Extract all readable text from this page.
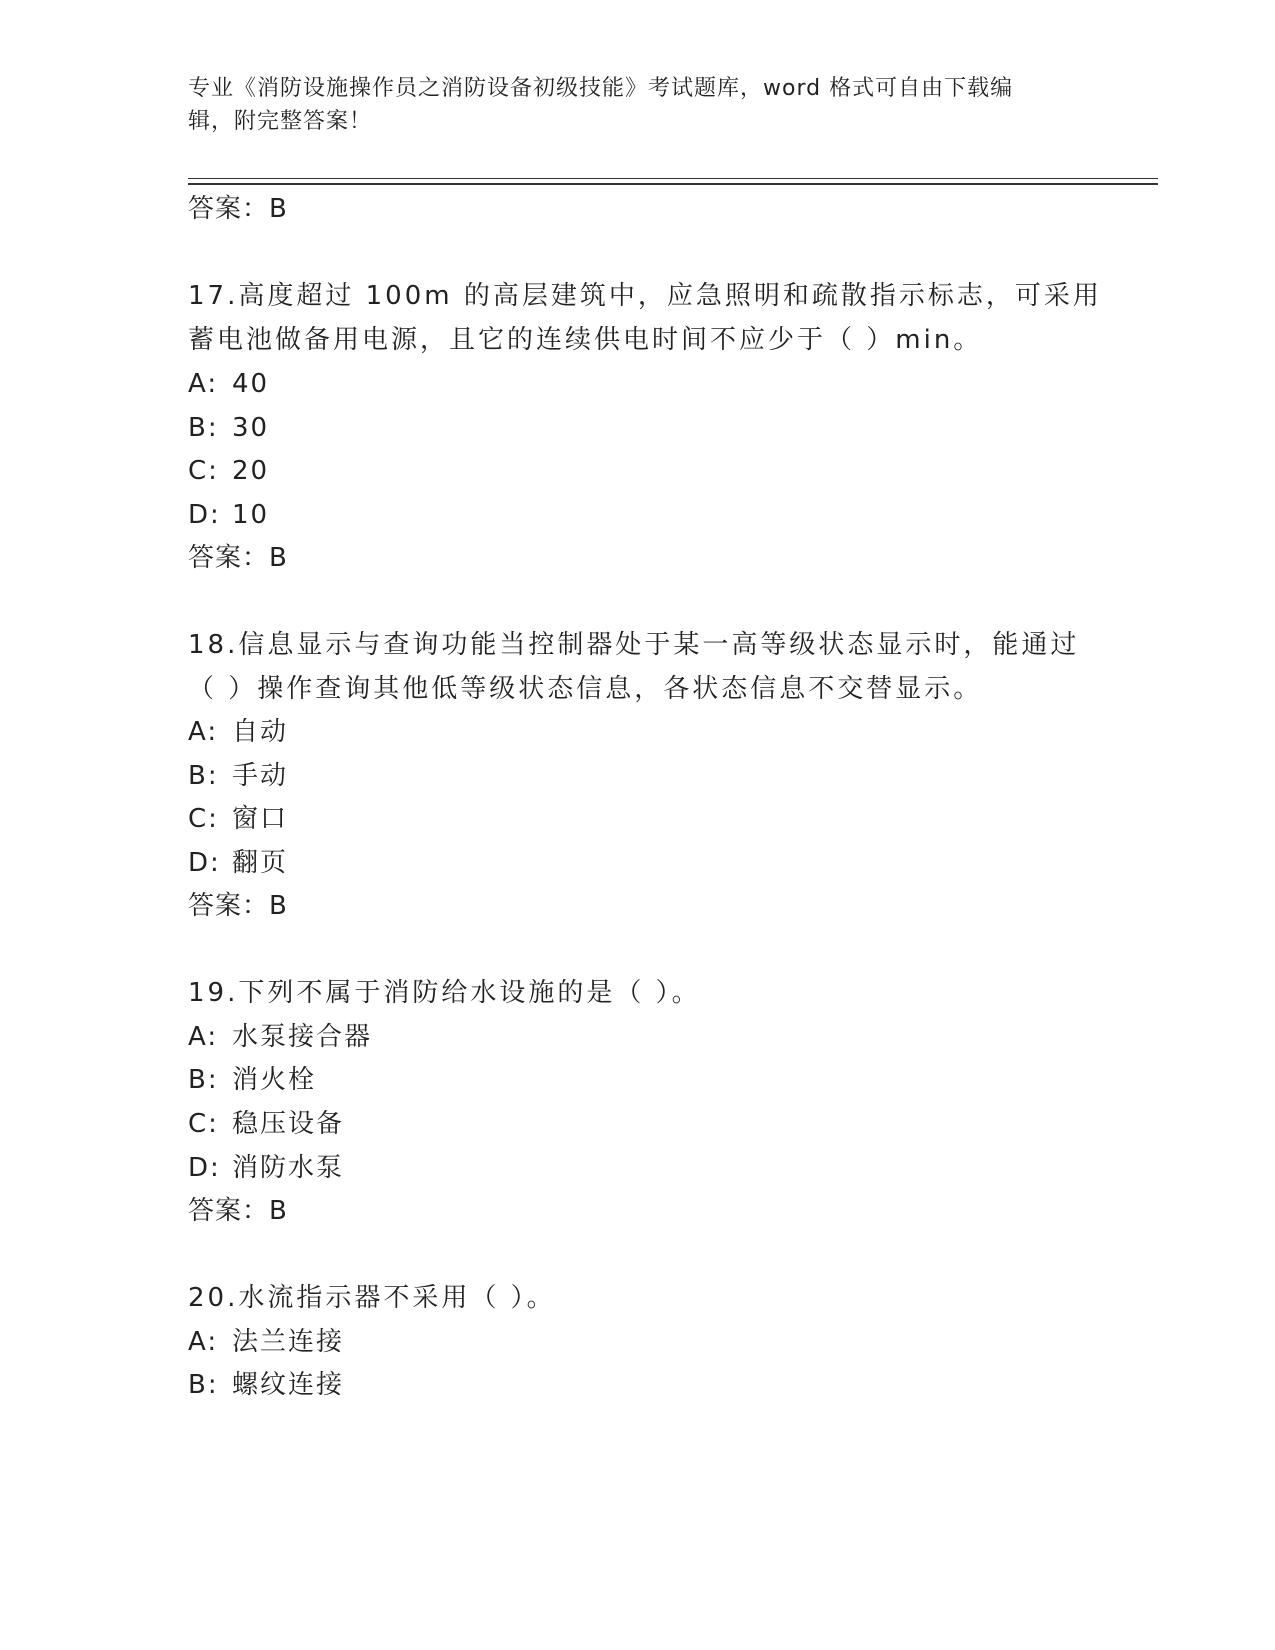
专业《消防设施操作员之消防设备初级技能》考试题库，word 格式可自由下载编
辑，附完整答案！
答案：B
17.高度超过 100m 的高层建筑中，应急照明和疏散指示标志，可采用
蓄电池做备用电源，且它的连续供电时间不应少于（ ）min。
A: 40
B: 30
C: 20
D: 10
答案：B
18.信息显示与查询功能当控制器处于某一高等级状态显示时，能通过
（ ）操作查询其他低等级状态信息，各状态信息不交替显示。
A: 自动
B: 手动
C: 窗口
D: 翻页
答案：B
19.下列不属于消防给水设施的是（ ）。
A: 水泵接合器
B: 消火栓
C: 稳压设备
D: 消防水泵
答案：B
20.水流指示器不采用（ ）。
A: 法兰连接
B: 螺纹连接
